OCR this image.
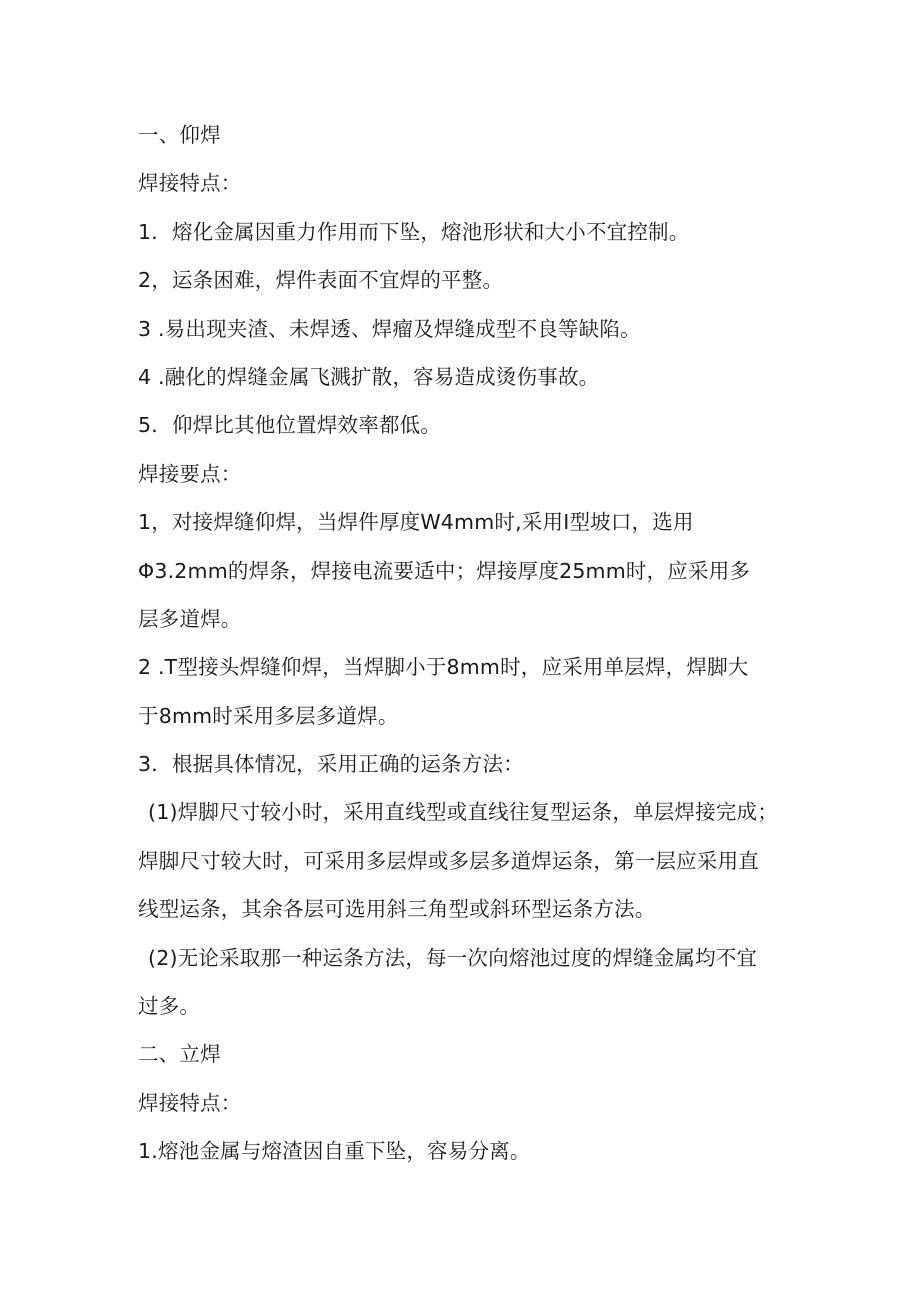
一、仰焊
焊接特点：
1．熔化金属因重力作用而下坠，熔池形状和大小不宜控制。
2，运条困难，焊件表面不宜焊的平整。
3 .易出现夹渣、未焊透、焊瘤及焊缝成型不良等缺陷。
4 .融化的焊缝金属飞溅扩散，容易造成烫伤事故。
5．仰焊比其他位置焊效率都低。
焊接要点：
1，对接焊缝仰焊，当焊件厚度W4mm时,采用I型坡口，选用
Φ3.2mm的焊条，焊接电流要适中；焊接厚度25mm时，应采用多
层多道焊。
2 .T型接头焊缝仰焊，当焊脚小于8mm时，应采用单层焊，焊脚大
于8mm时采用多层多道焊。
3．根据具体情况，采用正确的运条方法：
(1)焊脚尺寸较小时，采用直线型或直线往复型运条，单层焊接完成；
焊脚尺寸较大时，可采用多层焊或多层多道焊运条，第一层应采用直
线型运条，其余各层可选用斜三角型或斜环型运条方法。
(2)无论采取那一种运条方法，每一次向熔池过度的焊缝金属均不宜
过多。
二、立焊
焊接特点：
1.熔池金属与熔渣因自重下坠，容易分离。
